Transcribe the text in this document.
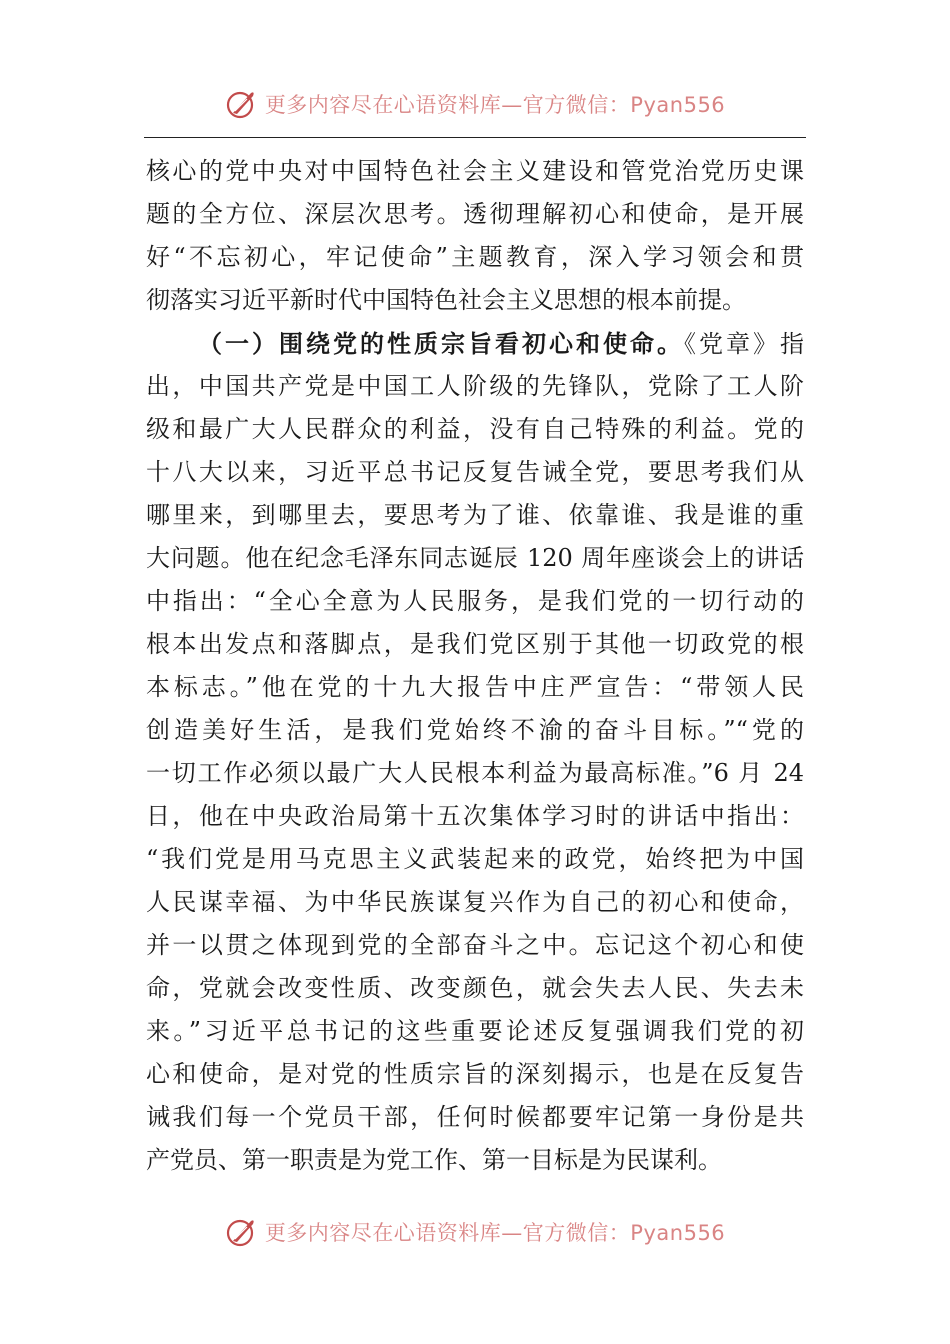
更多内容尽在心语资料库—官方微信：Pyan556
核心的党中央对中国特色社会主义建设和管党治党历史课
题的全方位、深层次思考。透彻理解初心和使命，是开展
好“不忘初心，牢记使命”主题教育，深入学习领会和贯
彻落实习近平新时代中国特色社会主义思想的根本前提。
（一）围绕党的性质宗旨看初心和使命。《党章》指
出，中国共产党是中国工人阶级的先锋队，党除了工人阶
级和最广大人民群众的利益，没有自己特殊的利益。党的
十八大以来，习近平总书记反复告诫全党，要思考我们从
哪里来，到哪里去，要思考为了谁、依靠谁、我是谁的重
大问题。他在纪念毛泽东同志诞辰 120 周年座谈会上的讲话
中指出：“全心全意为人民服务，是我们党的一切行动的
根本出发点和落脚点，是我们党区别于其他一切政党的根
本标志。”他在党的十九大报告中庄严宣告：“带领人民
创造美好生活，是我们党始终不渝的奋斗目标。”“党的
一切工作必须以最广大人民根本利益为最高标准。”6 月 24
日，他在中央政治局第十五次集体学习时的讲话中指出：
“我们党是用马克思主义武装起来的政党，始终把为中国
人民谋幸福、为中华民族谋复兴作为自己的初心和使命，
并一以贯之体现到党的全部奋斗之中。忘记这个初心和使
命，党就会改变性质、改变颜色，就会失去人民、失去未
来。”习近平总书记的这些重要论述反复强调我们党的初
心和使命，是对党的性质宗旨的深刻揭示，也是在反复告
诫我们每一个党员干部，任何时候都要牢记第一身份是共
产党员、第一职责是为党工作、第一目标是为民谋利。
更多内容尽在心语资料库—官方微信：Pyan556
